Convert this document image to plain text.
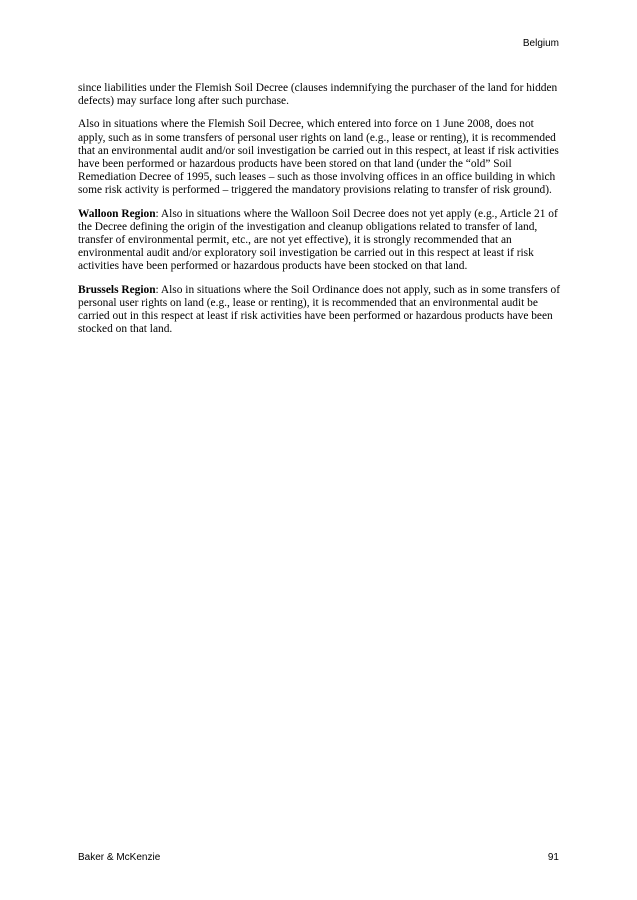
Belgium

since liabilities under the Flemish Soil Decree (clauses indemnifying the purchaser of the land for hidden defects) may surface long after such purchase.

Also in situations where the Flemish Soil Decree, which entered into force on 1 June 2008, does not apply, such as in some transfers of personal user rights on land (e.g., lease or renting), it is recommended that an environmental audit and/or soil investigation be carried out in this respect, at least if risk activities have been performed or hazardous products have been stored on that land (under the “old” Soil Remediation Decree of 1995, such leases – such as those involving offices in an office building in which some risk activity is performed – triggered the mandatory provisions relating to transfer of risk ground).

Walloon Region: Also in situations where the Walloon Soil Decree does not yet apply (e.g., Article 21 of the Decree defining the origin of the investigation and cleanup obligations related to transfer of land, transfer of environmental permit, etc., are not yet effective), it is strongly recommended that an environmental audit and/or exploratory soil investigation be carried out in this respect at least if risk activities have been performed or hazardous products have been stocked on that land.

Brussels Region: Also in situations where the Soil Ordinance does not apply, such as in some transfers of personal user rights on land (e.g., lease or renting), it is recommended that an environmental audit be carried out in this respect at least if risk activities have been performed or hazardous products have been stocked on that land.

Baker & McKenzie	91
